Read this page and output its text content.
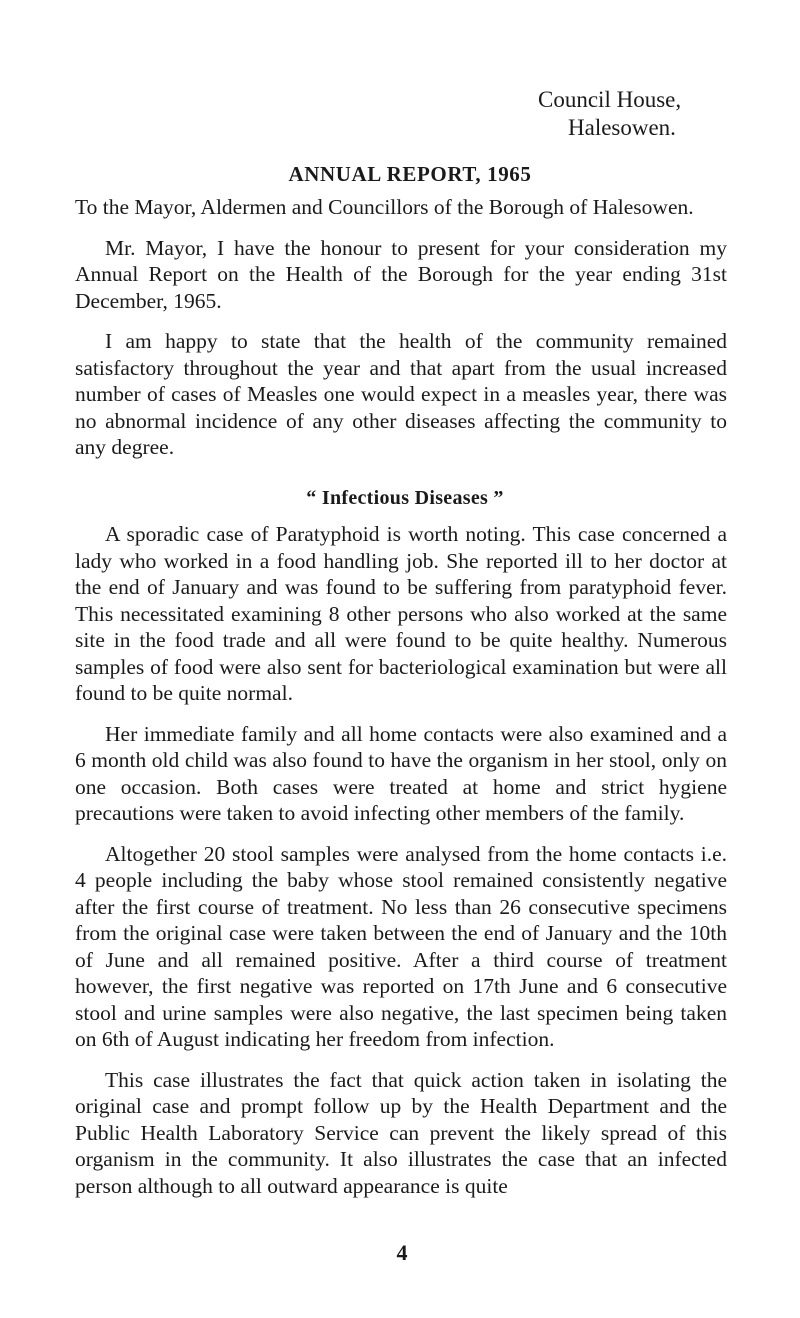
Council House,
Halesowen.
ANNUAL REPORT, 1965

To the Mayor, Aldermen and Councillors of the Borough of Halesowen.

Mr. Mayor, I have the honour to present for your consideration my Annual Report on the Health of the Borough for the year ending 31st December, 1965.

I am happy to state that the health of the community remained satisfactory throughout the year and that apart from the usual increased number of cases of Measles one would expect in a measles year, there was no abnormal incidence of any other diseases affecting the community to any degree.

“ Infectious Diseases ”

A sporadic case of Paratyphoid is worth noting. This case concerned a lady who worked in a food handling job. She reported ill to her doctor at the end of January and was found to be suffering from paratyphoid fever. This necessitated examining 8 other persons who also worked at the same site in the food trade and all were found to be quite healthy. Numerous samples of food were also sent for bacteriological examination but were all found to be quite normal.

Her immediate family and all home contacts were also examined and a 6 month old child was also found to have the organism in her stool, only on one occasion. Both cases were treated at home and strict hygiene precautions were taken to avoid infecting other members of the family.

Altogether 20 stool samples were analysed from the home contacts i.e. 4 people including the baby whose stool remained consistently negative after the first course of treatment. No less than 26 consecutive specimens from the original case were taken between the end of January and the 10th of June and all remained positive. After a third course of treatment however, the first negative was reported on 17th June and 6 consecutive stool and urine samples were also negative, the last specimen being taken on 6th of August indicating her freedom from infection.

This case illustrates the fact that quick action taken in isolating the original case and prompt follow up by the Health Department and the Public Health Laboratory Service can prevent the likely spread of this organism in the community. It also illustrates the case that an infected person although to all outward appearance is quite

4
